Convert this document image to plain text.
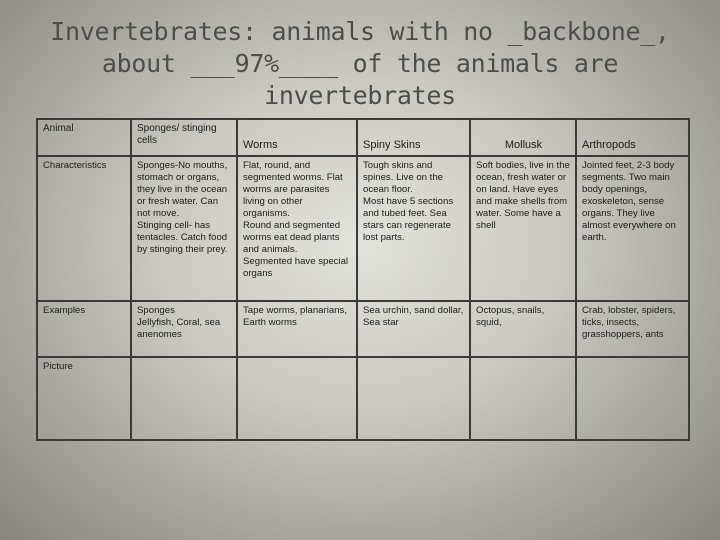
Invertebrates: animals with no _backbone_,
about ___97%____ of the animals are
invertebrates
Animal	Sponges/ stinging cells	Worms	Spiny Skins	Mollusk	Arthropods
Characteristics	Sponges-No mouths, stomach or organs, they live in the ocean or fresh water. Can not move.
Stinging cell- has tentacles. Catch food by stinging their prey.	Flat, round, and segmented worms. Flat worms are parasites living on other organisms.
Round and segmented worms eat dead plants and animals.
Segmented have special organs	Tough skins and spines. Live on the ocean floor.
Most have 5 sections and tubed feet. Sea stars can regenerate lost parts.	Soft bodies, live in the ocean, fresh water or on land. Have eyes and make shells from water. Some have a shell	Jointed feet, 2-3 body segments. Two main body openings, exoskeleton, sense organs. They live almost everywhere on earth.
Examples	Sponges
Jellyfish, Coral, sea anenomes	Tape worms, planarians, Earth worms	Sea urchin, sand dollar,
Sea star	Octopus, snails, squid,	Crab, lobster, spiders, ticks, insects, grasshoppers, ants
Picture					
